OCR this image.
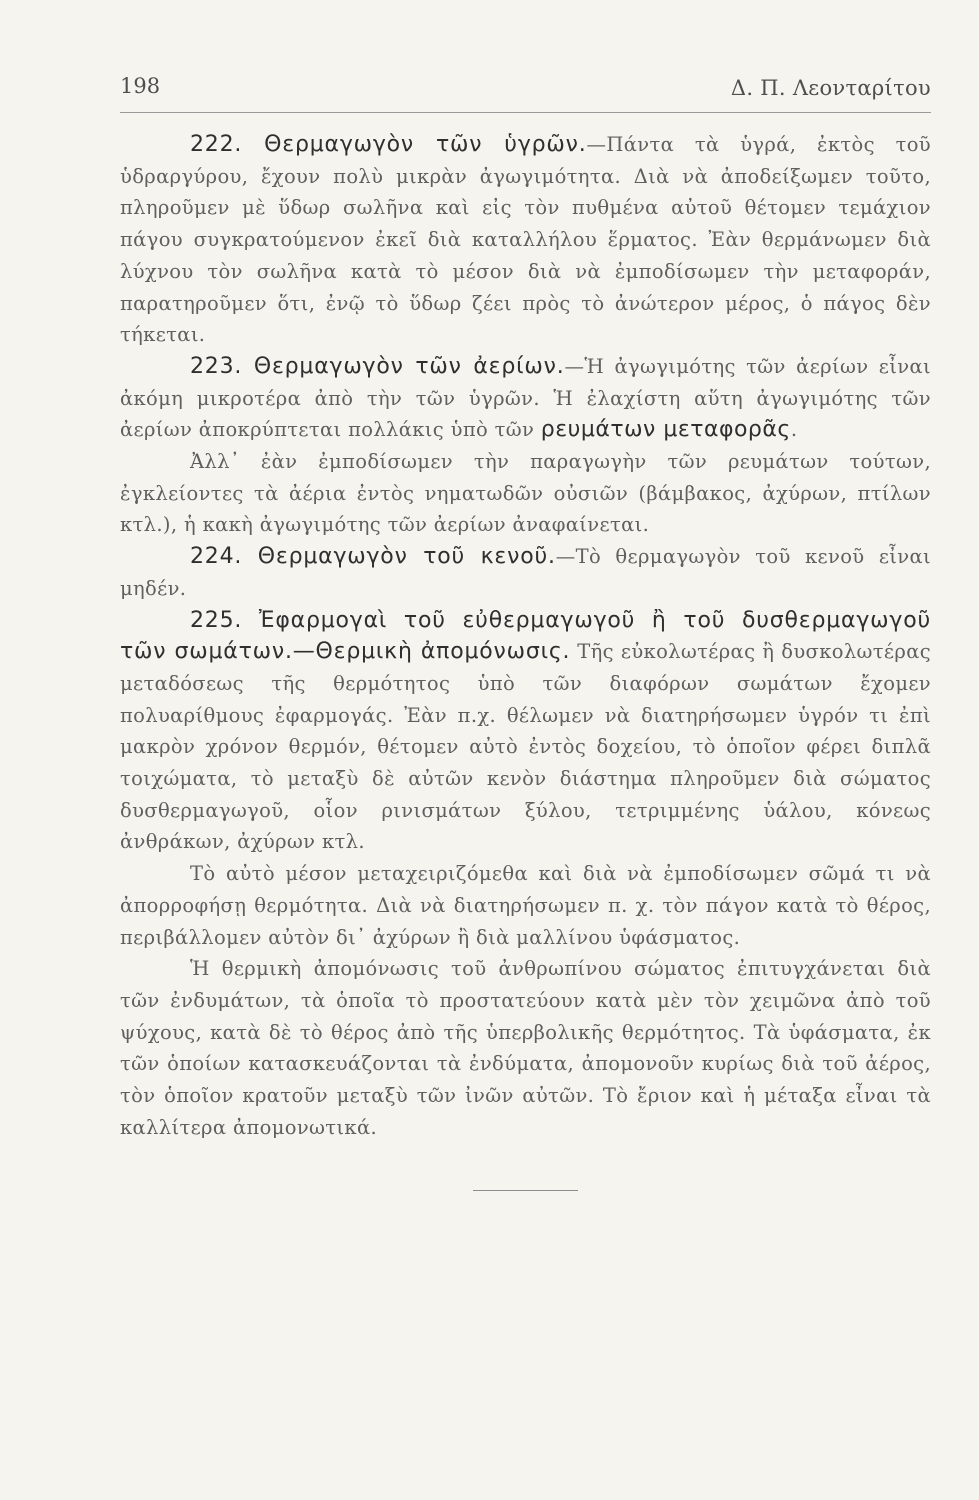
198	Δ. Π. Λεονταρίτου

222. Θερμαγωγὸν τῶν ὑγρῶν.—Πάντα τὰ ὑγρά, ἐκτὸς τοῦ ὑδραργύρου, ἔχουν πολὺ μικρὰν ἀγωγιμότητα. Διὰ νὰ ἀποδείξωμεν τοῦτο, πληροῦμεν μὲ ὕδωρ σωλῆνα καὶ εἰς τὸν πυθμένα αὐτοῦ θέτομεν τεμάχιον πάγου συγκρατούμενον ἐκεῖ διὰ καταλλήλου ἕρματος. Ἐὰν θερμάνωμεν διὰ λύχνου τὸν σωλῆνα κατὰ τὸ μέσον διὰ νὰ ἐμποδίσωμεν τὴν μεταφοράν, παρατηροῦμεν ὅτι, ἐνῷ τὸ ὕδωρ ζέει πρὸς τὸ ἀνώτερον μέρος, ὁ πάγος δὲν τήκεται.

223. Θερμαγωγὸν τῶν ἀερίων.—Ἡ ἀγωγιμότης τῶν ἀερίων εἶναι ἀκόμη μικροτέρα ἀπὸ τὴν τῶν ὑγρῶν. Ἡ ἐλαχίστη αὕτη ἀγωγιμότης τῶν ἀερίων ἀποκρύπτεται πολλάκις ὑπὸ τῶν ρευμάτων μεταφορᾶς.

Ἀλλ᾿ ἐὰν ἐμποδίσωμεν τὴν παραγωγὴν τῶν ρευμάτων τούτων, ἐγκλείοντες τὰ ἀέρια ἐντὸς νηματωδῶν οὐσιῶν (βάμβακος, ἀχύρων, πτίλων κτλ.), ἡ κακὴ ἀγωγιμότης τῶν ἀερίων ἀναφαίνεται.

224. Θερμαγωγὸν τοῦ κενοῦ.—Τὸ θερμαγωγὸν τοῦ κενοῦ εἶναι μηδέν.

225. Ἐφαρμογαὶ τοῦ εὐθερμαγωγοῦ ἢ τοῦ δυσθερμαγωγοῦ τῶν σωμάτων.—Θερμικὴ ἀπομόνωσις. Τῆς εὐκολωτέρας ἢ δυσκολωτέρας μεταδόσεως τῆς θερμότητος ὑπὸ τῶν διαφόρων σωμάτων ἔχομεν πολυαρίθμους ἐφαρμογάς. Ἐὰν π.χ. θέλωμεν νὰ διατηρήσωμεν ὑγρόν τι ἐπὶ μακρὸν χρόνον θερμόν, θέτομεν αὐτὸ ἐντὸς δοχείου, τὸ ὁποῖον φέρει διπλᾶ τοιχώματα, τὸ μεταξὺ δὲ αὐτῶν κενὸν διάστημα πληροῦμεν διὰ σώματος δυσθερμαγωγοῦ, οἷον ρινισμάτων ξύλου, τετριμμένης ὑάλου, κόνεως ἀνθράκων, ἀχύρων κτλ.

Τὸ αὐτὸ μέσον μεταχειριζόμεθα καὶ διὰ νὰ ἐμποδίσωμεν σῶμά τι νὰ ἀπορροφήσῃ θερμότητα. Διὰ νὰ διατηρήσωμεν π. χ. τὸν πάγον κατὰ τὸ θέρος, περιβάλλομεν αὐτὸν δι᾿ ἀχύρων ἢ διὰ μαλλίνου ὑφάσματος.

Ἡ θερμικὴ ἀπομόνωσις τοῦ ἀνθρωπίνου σώματος ἐπιτυγχάνεται διὰ τῶν ἐνδυμάτων, τὰ ὁποῖα τὸ προστατεύουν κατὰ μὲν τὸν χειμῶνα ἀπὸ τοῦ ψύχους, κατὰ δὲ τὸ θέρος ἀπὸ τῆς ὑπερβολικῆς θερμότητος. Τὰ ὑφάσματα, ἐκ τῶν ὁποίων κατασκευάζονται τὰ ἐνδύματα, ἀπομονοῦν κυρίως διὰ τοῦ ἀέρος, τὸν ὁποῖον κρατοῦν μεταξὺ τῶν ἰνῶν αὐτῶν. Τὸ ἔριον καὶ ἡ μέταξα εἶναι τὰ καλλίτερα ἀπομονωτικά.
